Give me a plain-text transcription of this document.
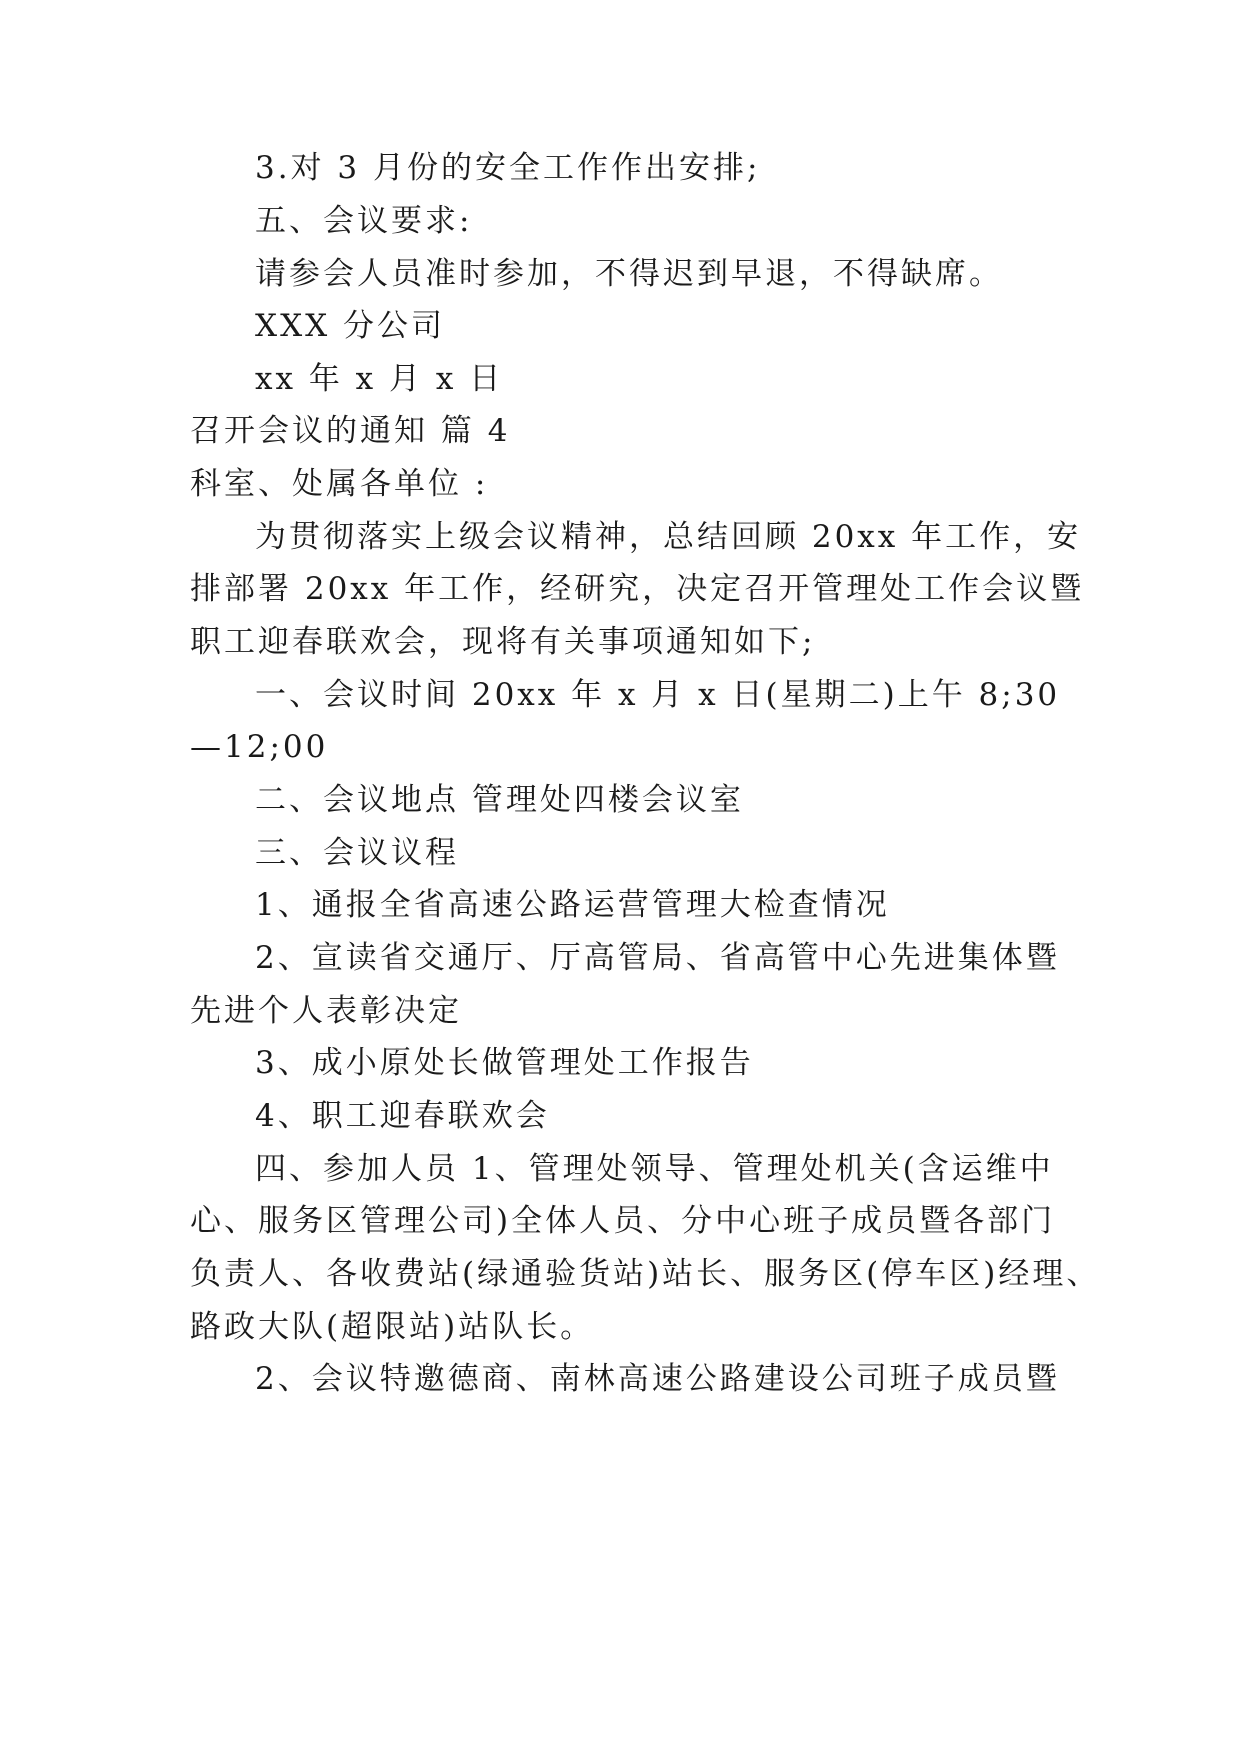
3.对 3 月份的安全工作作出安排;
五、会议要求:
请参会人员准时参加，不得迟到早退，不得缺席。
XXX 分公司
xx 年 x 月 x 日
召开会议的通知 篇 4
科室、处属各单位 :
为贯彻落实上级会议精神，总结回顾 20xx 年工作，安
排部署 20xx 年工作，经研究，决定召开管理处工作会议暨
职工迎春联欢会，现将有关事项通知如下;
一、会议时间 20xx 年 x 月 x 日(星期二)上午 8;30
—12;00
二、会议地点 管理处四楼会议室
三、会议议程
1、通报全省高速公路运营管理大检查情况
2、宣读省交通厅、厅高管局、省高管中心先进集体暨
先进个人表彰决定
3、成小原处长做管理处工作报告
4、职工迎春联欢会
四、参加人员 1、管理处领导、管理处机关(含运维中
心、服务区管理公司)全体人员、分中心班子成员暨各部门
负责人、各收费站(绿通验货站)站长、服务区(停车区)经理、
路政大队(超限站)站队长。
2、会议特邀德商、南林高速公路建设公司班子成员暨
